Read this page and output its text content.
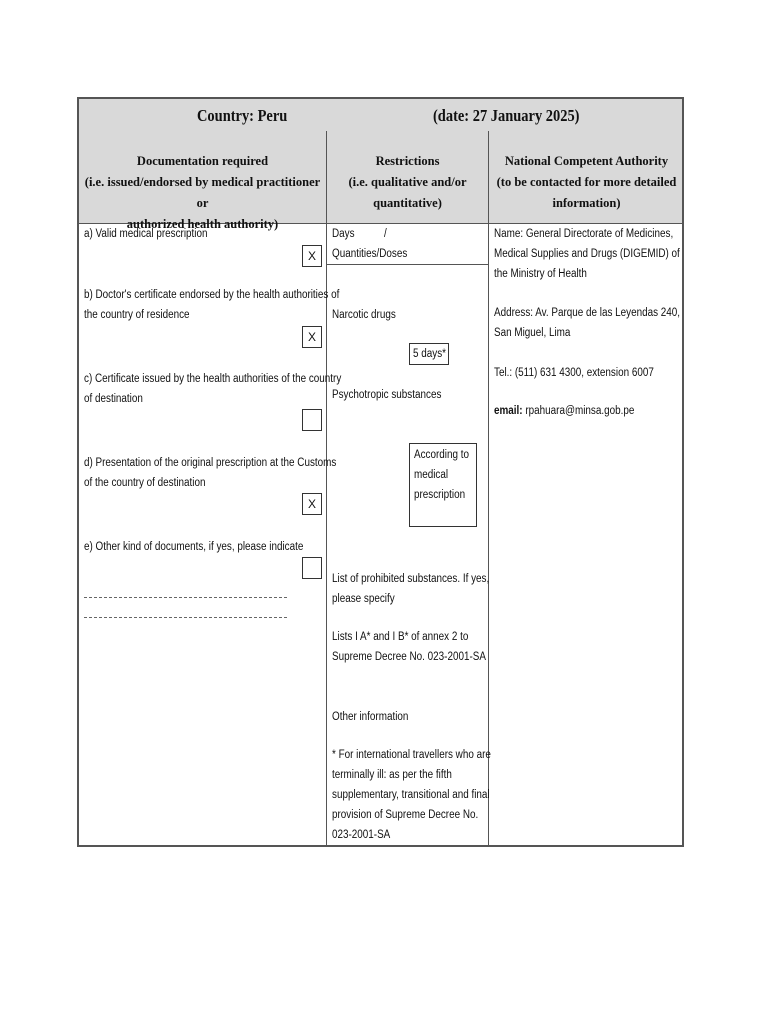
Country: Peru	(date: 27 January 2025)
Documentation required
(i.e. issued/endorsed by medical practitioner or
authorized health authority)
Restrictions
(i.e. qualitative and/or
quantitative)
National Competent Authority
(to be contacted for more detailed
information)
a) Valid medical prescription
X
b) Doctor's certificate endorsed by the health authorities of
the country of residence
X
c) Certificate issued by the health authorities of the country
of destination
d) Presentation of the original prescription at the Customs
of the country of destination
X
e) Other kind of documents, if yes, please indicate
Days	/
Quantities/Doses
Narcotic drugs
5 days*
Psychotropic substances
According to
medical
prescription
List of prohibited substances. If yes,
please specify
Lists I A* and I B* of annex 2 to
Supreme Decree No. 023-2001-SA
Other information
* For international travellers who are
terminally ill: as per the fifth
supplementary, transitional and final
provision of Supreme Decree No.
023-2001-SA
Name: General Directorate of Medicines,
Medical Supplies and Drugs (DIGEMID) of
the Ministry of Health
Address: Av. Parque de las Leyendas 240,
San Miguel, Lima
Tel.: (511) 631 4300, extension 6007
email: rpahuara@minsa.gob.pe
